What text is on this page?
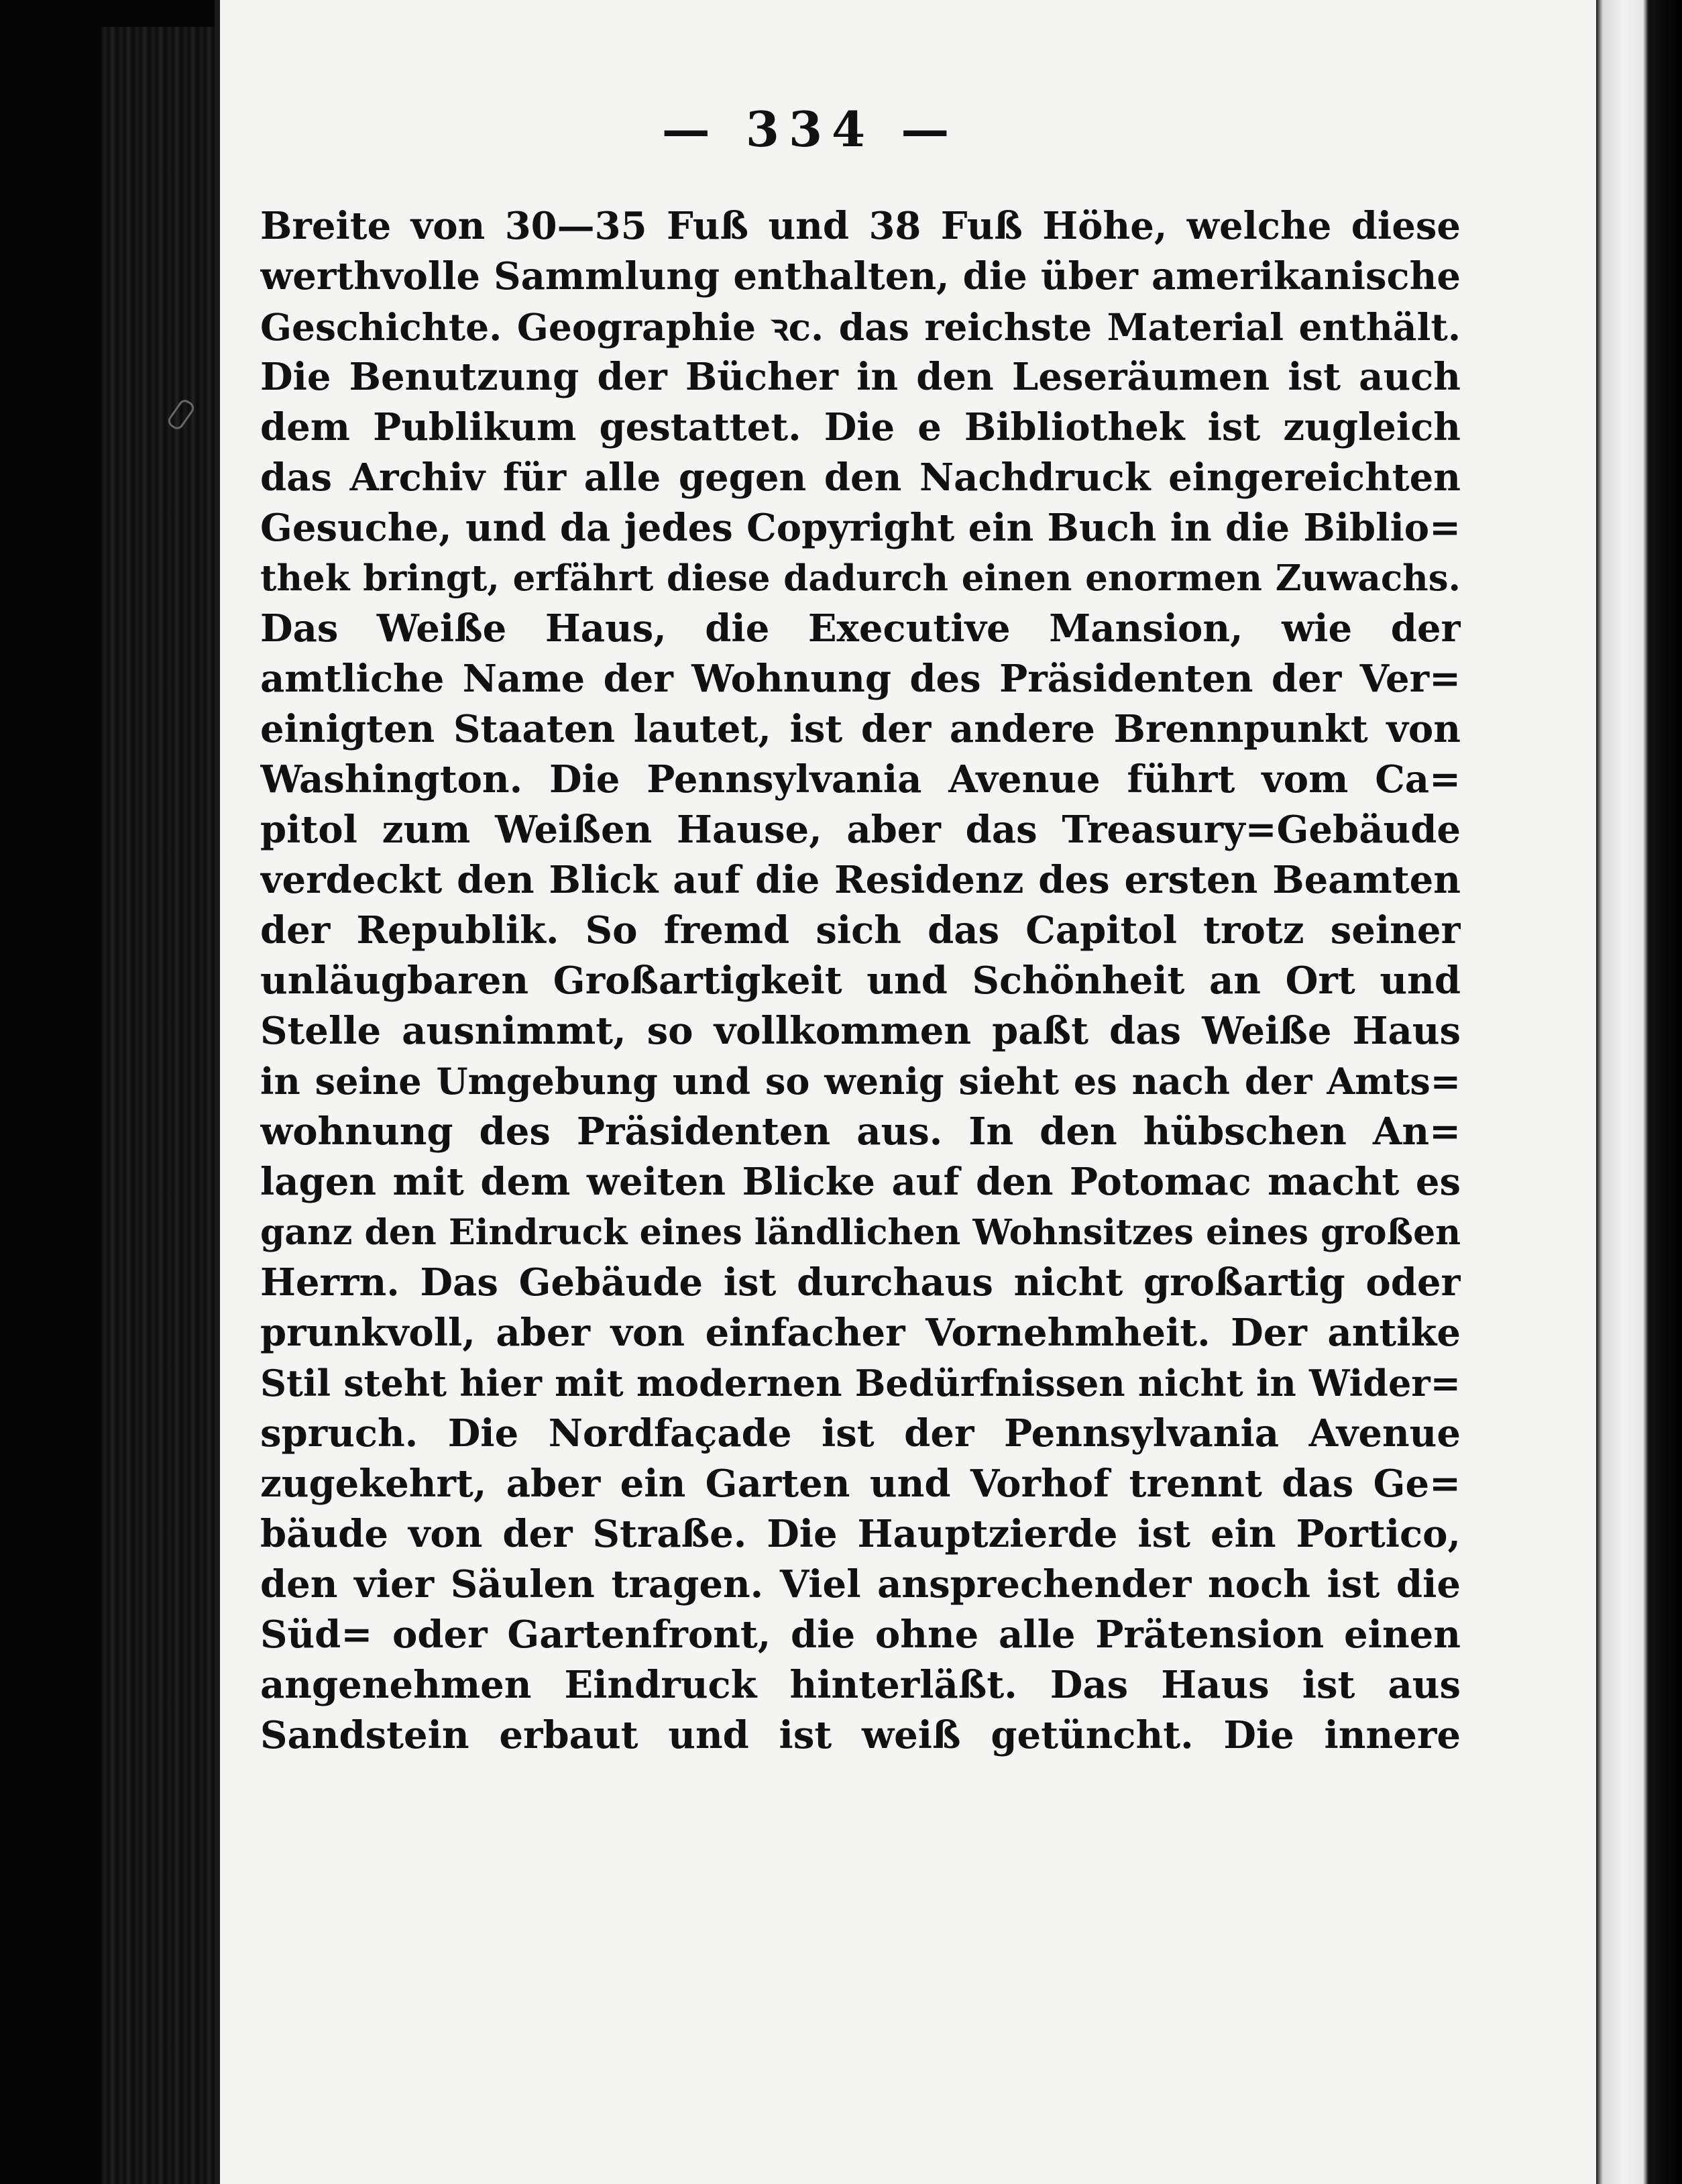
— 334 —
Breite von 30—35 Fuß und 38 Fuß Höhe, welche diese
werthvolle Sammlung enthalten, die über amerikanische
Geschichte. Geographie ꝛc. das reichste Material enthält.
Die Benutzung der Bücher in den Leseräumen ist auch
dem Publikum gestattet. Die e Bibliothek ist zugleich
das Archiv für alle gegen den Nachdruck eingereichten
Gesuche, und da jedes Copyright ein Buch in die Biblio=
thek bringt, erfährt diese dadurch einen enormen Zuwachs.
Das Weiße Haus, die Executive Mansion, wie der
amtliche Name der Wohnung des Präsidenten der Ver=
einigten Staaten lautet, ist der andere Brennpunkt von
Washington. Die Pennsylvania Avenue führt vom Ca=
pitol zum Weißen Hause, aber das Treasury=Gebäude
verdeckt den Blick auf die Residenz des ersten Beamten
der Republik. So fremd sich das Capitol trotz seiner
unläugbaren Großartigkeit und Schönheit an Ort und
Stelle ausnimmt, so vollkommen paßt das Weiße Haus
in seine Umgebung und so wenig sieht es nach der Amts=
wohnung des Präsidenten aus. In den hübschen An=
lagen mit dem weiten Blicke auf den Potomac macht es
ganz den Eindruck eines ländlichen Wohnsitzes eines großen
Herrn. Das Gebäude ist durchaus nicht großartig oder
prunkvoll, aber von einfacher Vornehmheit. Der antike
Stil steht hier mit modernen Bedürfnissen nicht in Wider=
spruch. Die Nordfaçade ist der Pennsylvania Avenue
zugekehrt, aber ein Garten und Vorhof trennt das Ge=
bäude von der Straße. Die Hauptzierde ist ein Portico,
den vier Säulen tragen. Viel ansprechender noch ist die
Süd= oder Gartenfront, die ohne alle Prätension einen
angenehmen Eindruck hinterläßt. Das Haus ist aus
Sandstein erbaut und ist weiß getüncht. Die innere
